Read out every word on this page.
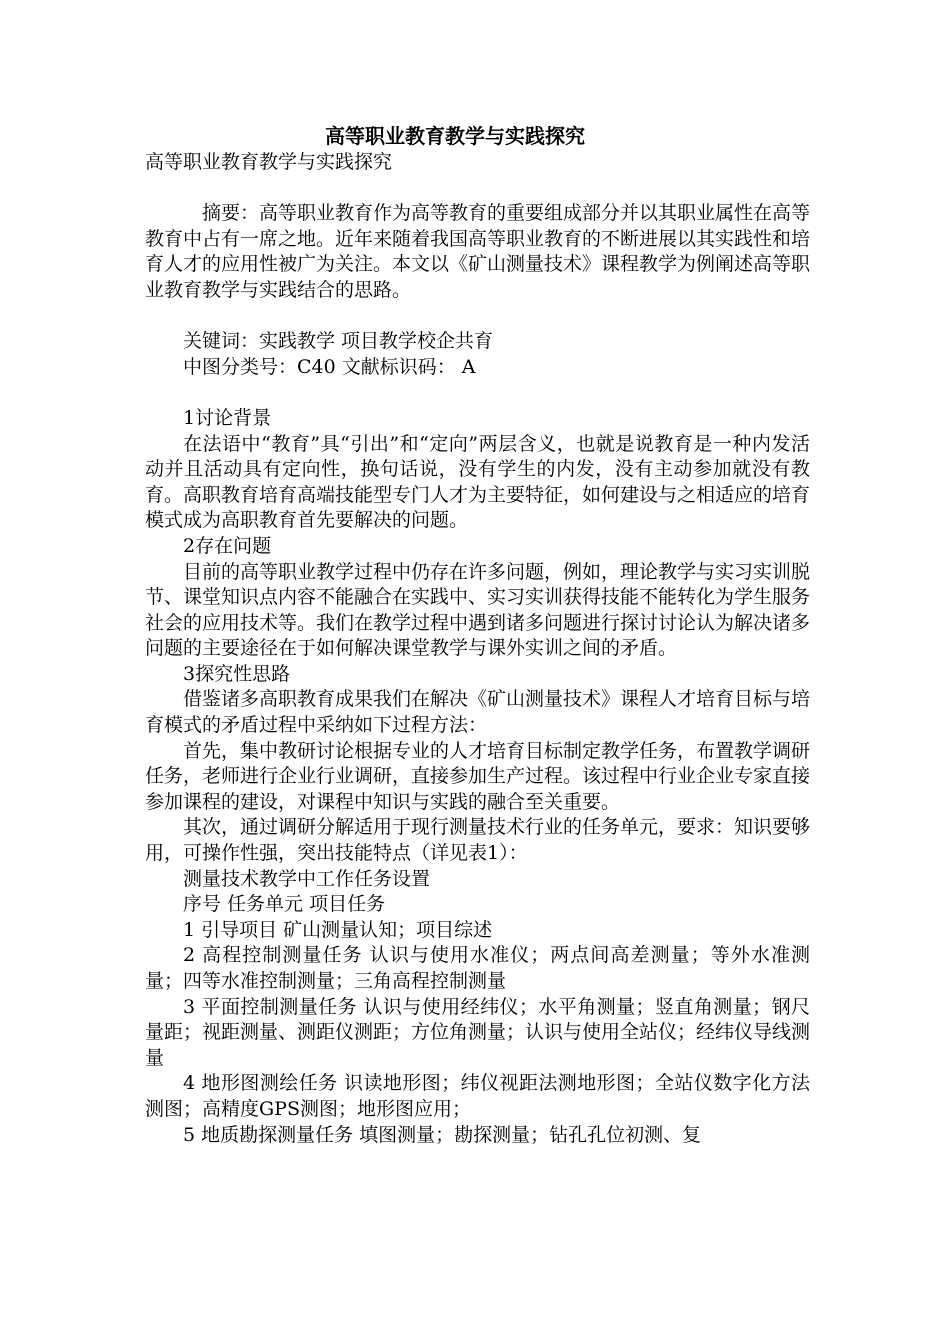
高等职业教育教学与实践探究

高等职业教育教学与实践探究

摘要：高等职业教育作为高等教育的重要组成部分并以其职业属性在高等教育中占有一席之地。近年来随着我国高等职业教育的不断进展以其实践性和培育人才的应用性被广为关注。本文以《矿山测量技术》课程教学为例阐述高等职业教育教学与实践结合的思路。

关键词：实践教学 项目教学校企共育

中图分类号：C40 文献标识码： A

1讨论背景

在法语中“教育”具“引出”和“定向”两层含义，也就是说教育是一种内发活动并且活动具有定向性，换句话说，没有学生的内发，没有主动参加就没有教育。高职教育培育高端技能型专门人才为主要特征，如何建设与之相适应的培育模式成为高职教育首先要解决的问题。

2存在问题

目前的高等职业教学过程中仍存在许多问题，例如，理论教学与实习实训脱节、课堂知识点内容不能融合在实践中、实习实训获得技能不能转化为学生服务社会的应用技术等。我们在教学过程中遇到诸多问题进行探讨讨论认为解决诸多问题的主要途径在于如何解决课堂教学与课外实训之间的矛盾。

3探究性思路

借鉴诸多高职教育成果我们在解决《矿山测量技术》课程人才培育目标与培育模式的矛盾过程中采纳如下过程方法：

首先，集中教研讨论根据专业的人才培育目标制定教学任务，布置教学调研任务，老师进行企业行业调研，直接参加生产过程。该过程中行业企业专家直接参加课程的建设，对课程中知识与实践的融合至关重要。

其次，通过调研分解适用于现行测量技术行业的任务单元，要求：知识要够用，可操作性强，突出技能特点（详见表1）：

测量技术教学中工作任务设置

序号 任务单元 项目任务

1 引导项目 矿山测量认知；项目综述

2 高程控制测量任务 认识与使用水准仪；两点间高差测量；等外水准测量；四等水准控制测量；三角高程控制测量

3 平面控制测量任务 认识与使用经纬仪；水平角测量；竖直角测量；钢尺量距；视距测量、测距仪测距；方位角测量；认识与使用全站仪；经纬仪导线测量

4 地形图测绘任务 识读地形图；纬仪视距法测地形图；全站仪数字化方法测图；高精度GPS测图；地形图应用；

5 地质勘探测量任务 填图测量；勘探测量；钻孔孔位初测、复
